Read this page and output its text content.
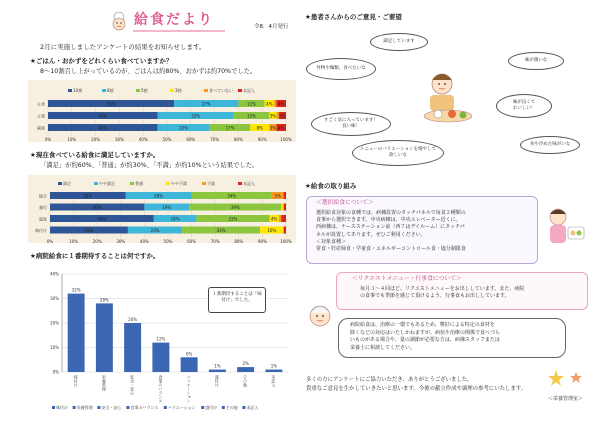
給食だより	令8．4月発行
2月に実施しましたアンケートの結果をお知らせします。
★ごはん・おかずをどれくらい食べていますか？
8～10割召し上がっているのが、ごはんは約80%、おかずは約70%でした。
10割	8割	5割	3割	食べていない	未記入
主食	53%	27%	11%	4% 4%
主菜	46%	32%	15%	3% 3%
副菜	46%	22%	17%	8% 3% 4%
0%	10%	20%	30%	40%	50%	60%	70%	80%	90%	100%
★現在食べている給食に満足していますか。
「満足」が約60%、「普通」が約30%、「不満」が約10%という結果でした。
満足	やや満足	普通	やや不満	不満	未記入
総合	32%	28%	34%	5%
量付	40%	19%	39%
温度	44%	18%	31%	4%
味付け	33%	23%	33%	10%
0%	10%	20%	30%	40%	50%	60%	70%	80%	90%	100%
★病院給食に１番期待することは何ですか。
0%
10%
20%
30%
40%
32%
味付け
28%
栄養管理
20%
安全・安心
12%
食事のバランス
6%
バリエーション
1%
盛付け
2%
その他
1%
未記入
味付け 栄養管理 安全・安心 食事のバランス バリエーション 盛付け その他 未記入
１番期待することは「味付け」でした。
★患者さんからのご意見・ご要望
満足しています
丼物や麺類、食べたいな
味が薄いな
味が良くて
おいしい！
すごく気に入っています！
良い味！
食や冷めた味がいな
メニューのバリエーションを増やして
欲しいな
★給食の取り組み
＜選択給食について＞
選択給食対象の食種では、病棟設置のタッチパネルで毎食２種類の
食事から選択できます。中央病棟は、中央エレベーター近くに。
西病棟は、ナースステーション前（西７はデイルーム）にタッチパ
ネルが設置してあります。ぜひご利用ください。
＜対象食種＞
常食・妊産婦食・学童食・エネルギーコントロール食・塩分制限食
＜リクエストメニュー・行事食について＞
毎月３～４回ほど、リクエストメニューをお出ししています。また、病院
の食事でも季節を感じて頂けるよう、行事食もお出ししています。
病院給食は、治療の一環でもあるため、嗜好による特定の食材を
除くなどの対応はいたしかねますが、病状や治療の関係で食べづら
いものがある場合や、量の調節が必要な方は、病棟スタッフまたは
栄養士に相談してください。
多くの方にアンケートにご協力いただき、ありがとうございました。
貴重なご意見を生かしていきたいと思います。今後の献立作成や調理の参考にいたします。
＜栄養管理室＞
